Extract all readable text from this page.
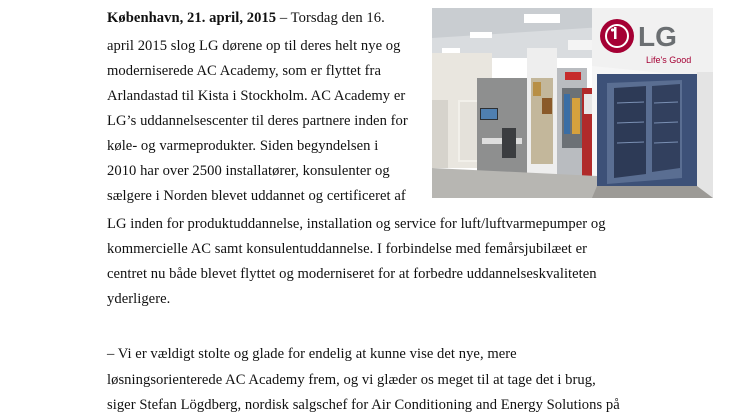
København, 21. april, 2015 – Torsdag den 16.
april 2015 slog LG dørene op til deres helt nye og
moderniserede AC Academy, som er flyttet fra
Arlandastad til Kista i Stockholm. AC Academy er
LG’s uddannelsescenter til deres partnere inden for
køle- og varmeprodukter. Siden begyndelsen i
2010 har over 2500 installatører, konsulenter og
sælgere i Norden blevet uddannet og certificeret af
LG inden for produktuddannelse, installation og service for luft/luftvarmepumper og
kommercielle AC samt konsulentuddannelse. I forbindelse med femårsjubilæet er
centret nu både blevet flyttet og moderniseret for at forbedre uddannelseskvaliteten
yderligere.
– Vi er vældigt stolte og glade for endelig at kunne vise det nye, mere
løsningsorienterede AC Academy frem, og vi glæder os meget til at tage det i brug,
siger Stefan Lögdberg, nordisk salgschef for Air Conditioning and Energy Solutions på
LG
Life's Good
